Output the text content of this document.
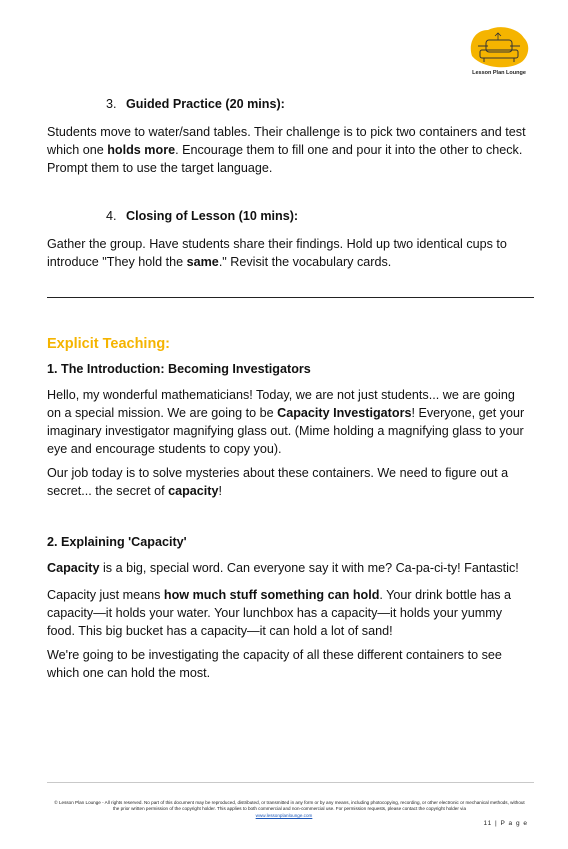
Lesson Plan Lounge

3. Guided Practice (20 mins):

Students move to water/sand tables. Their challenge is to pick two containers and test which one holds more. Encourage them to fill one and pour it into the other to check. Prompt them to use the target language.

4. Closing of Lesson (10 mins):

Gather the group. Have students share their findings. Hold up two identical cups to introduce "They hold the same." Revisit the vocabulary cards.

Explicit Teaching:

1. The Introduction: Becoming Investigators

Hello, my wonderful mathematicians! Today, we are not just students... we are going on a special mission. We are going to be Capacity Investigators! Everyone, get your imaginary investigator magnifying glass out. (Mime holding a magnifying glass to your eye and encourage students to copy you).

Our job today is to solve mysteries about these containers. We need to figure out a secret... the secret of capacity!

2. Explaining 'Capacity'

Capacity is a big, special word. Can everyone say it with me? Ca-pa-ci-ty! Fantastic!

Capacity just means how much stuff something can hold. Your drink bottle has a capacity—it holds your water. Your lunchbox has a capacity—it holds your yummy food. This big bucket has a capacity—it can hold a lot of sand!

We're going to be investigating the capacity of all these different containers to see which one can hold the most.

© Lesson Plan Lounge - All rights reserved. No part of this document may be reproduced, distributed, or transmitted in any form or by any means, including photocopying, recording, or other electronic or mechanical methods, without the prior written permission of the copyright holder. This applies to both commercial and non-commercial use. For permission requests, please contact the copyright holder via
www.lessonplanlounge.com
11 | P a g e
